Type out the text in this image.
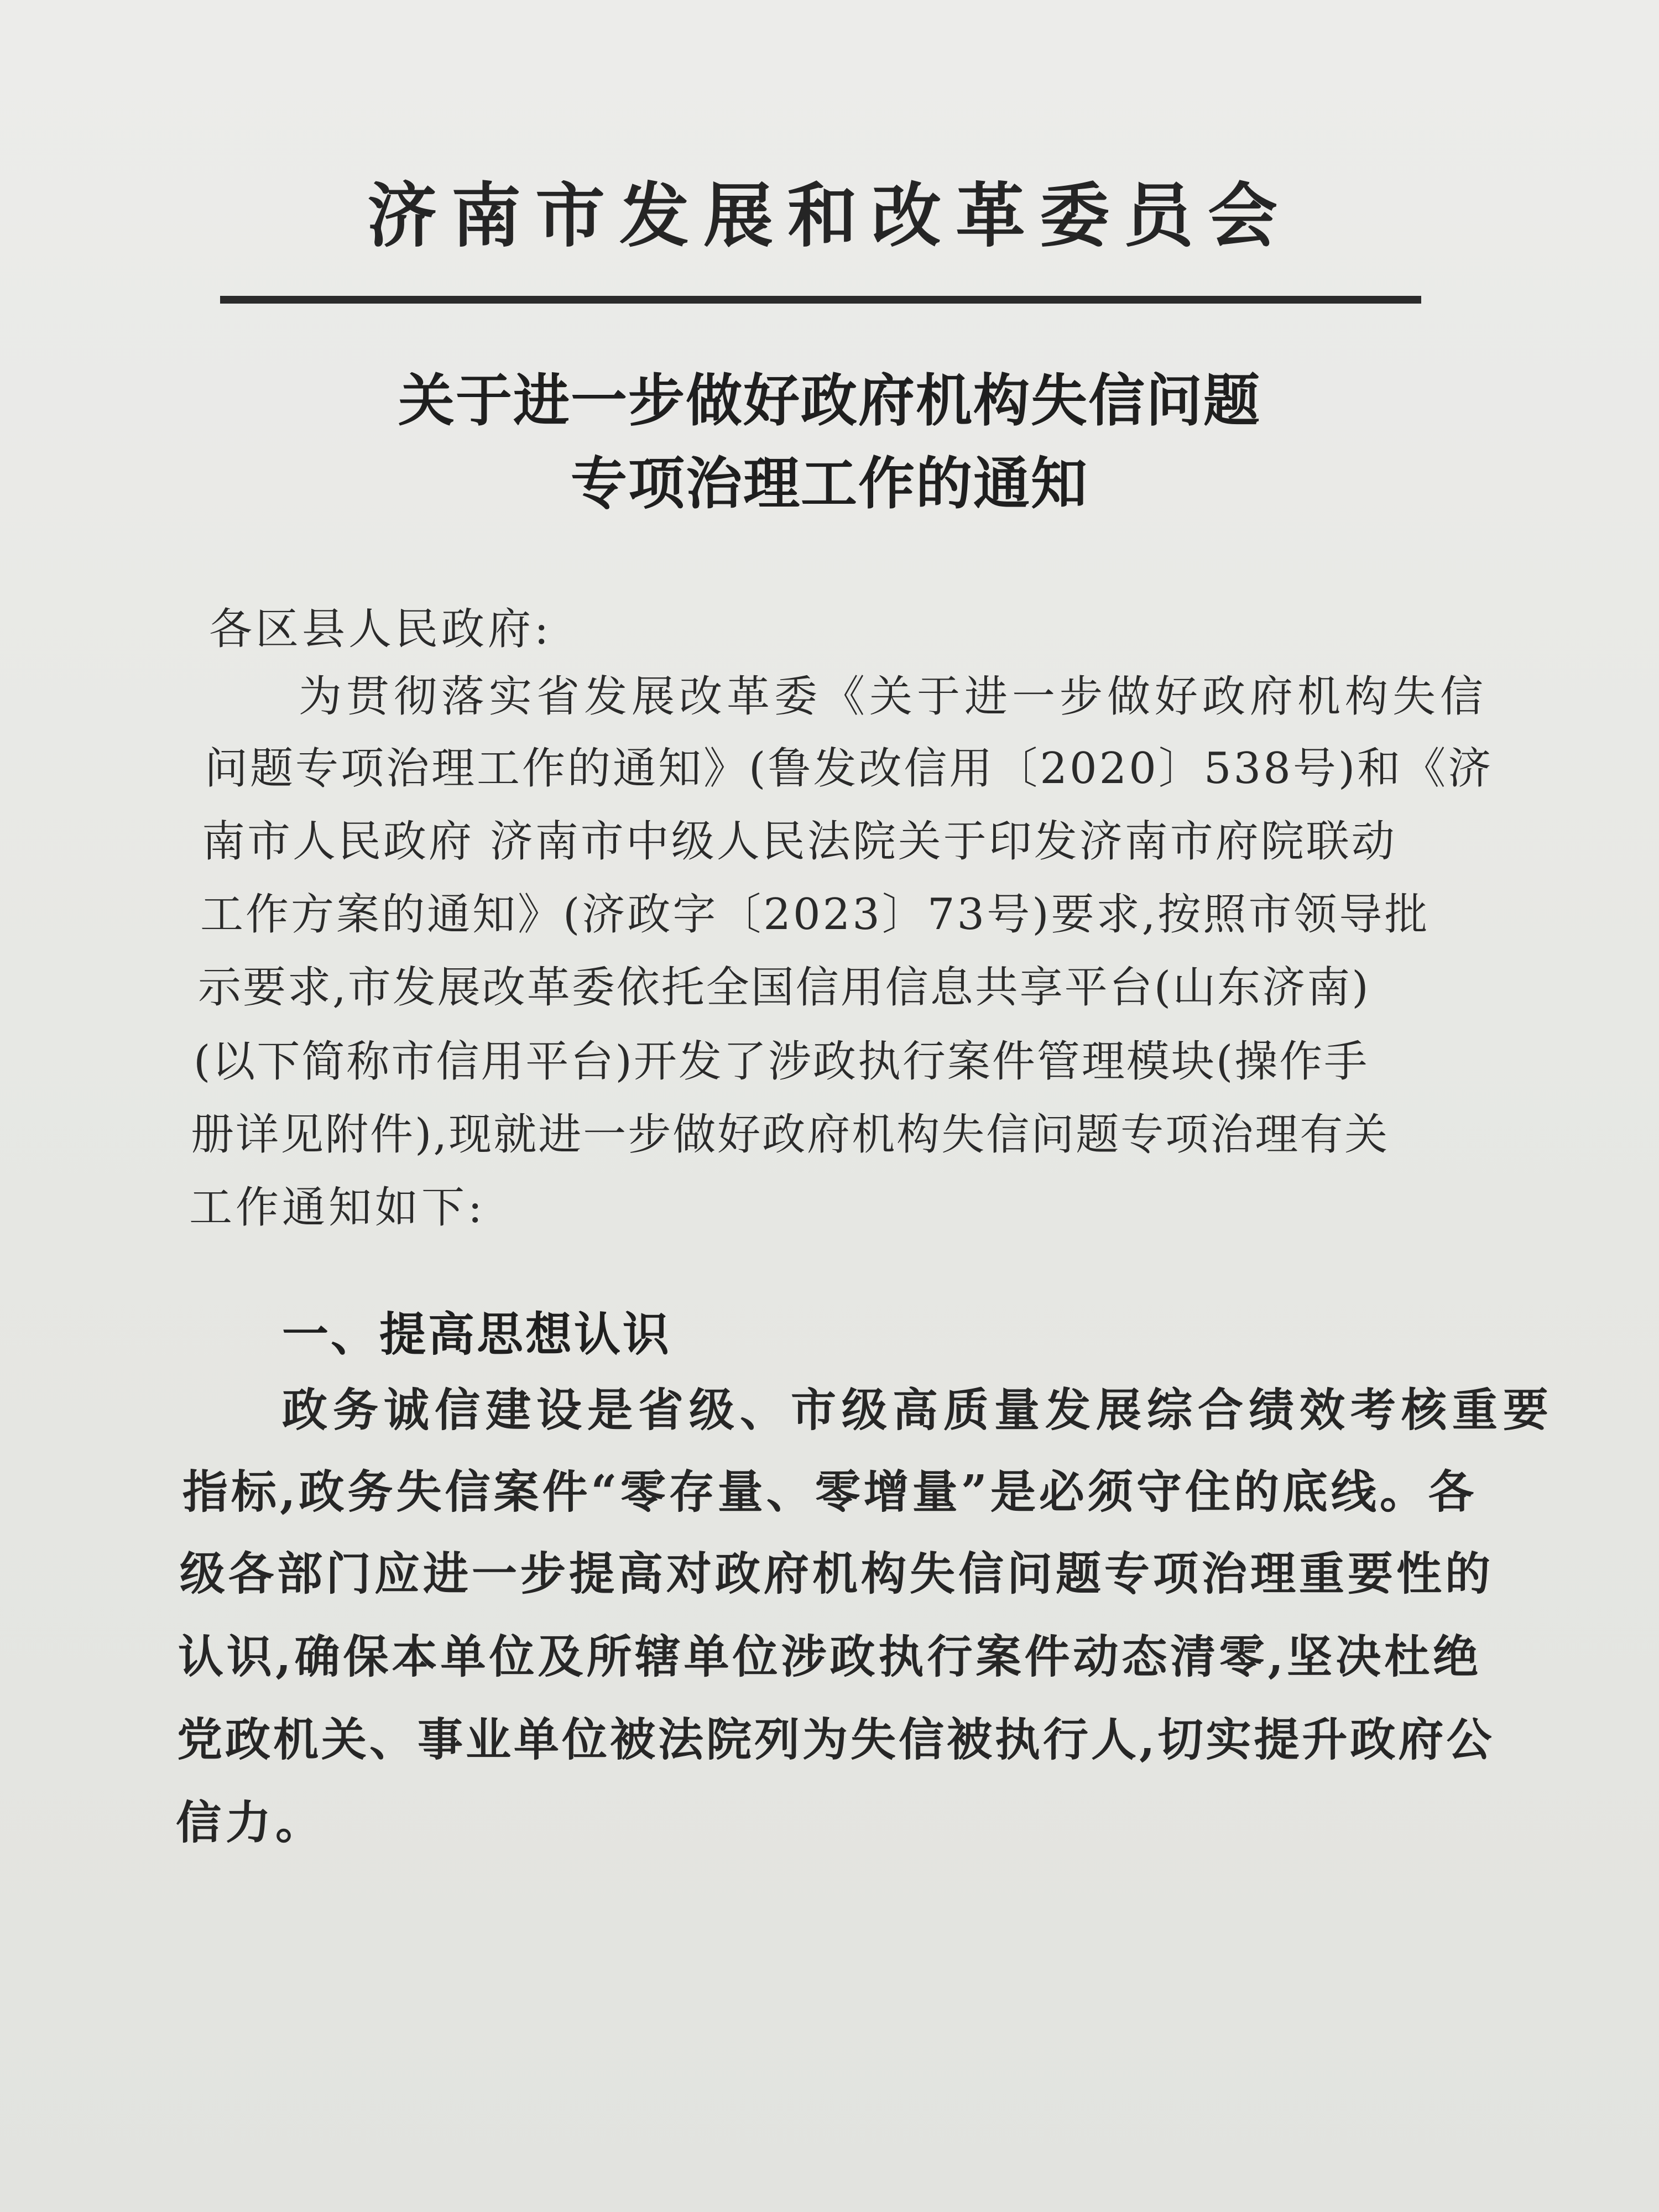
济南市发展和改革委员会
关于进一步做好政府机构失信问题
专项治理工作的通知
各区县人民政府:
为贯彻落实省发展改革委《关于进一步做好政府机构失信
问题专项治理工作的通知》(鲁发改信用〔2020〕538号)和《济
南市人民政府 济南市中级人民法院关于印发济南市府院联动
工作方案的通知》(济政字〔2023〕73号)要求,按照市领导批
示要求,市发展改革委依托全国信用信息共享平台(山东济南)
(以下简称市信用平台)开发了涉政执行案件管理模块(操作手
册详见附件),现就进一步做好政府机构失信问题专项治理有关
工作通知如下:
一、提高思想认识
政务诚信建设是省级、市级高质量发展综合绩效考核重要
指标,政务失信案件“零存量、零增量”是必须守住的底线。各
级各部门应进一步提高对政府机构失信问题专项治理重要性的
认识,确保本单位及所辖单位涉政执行案件动态清零,坚决杜绝
党政机关、事业单位被法院列为失信被执行人,切实提升政府公
信力。
